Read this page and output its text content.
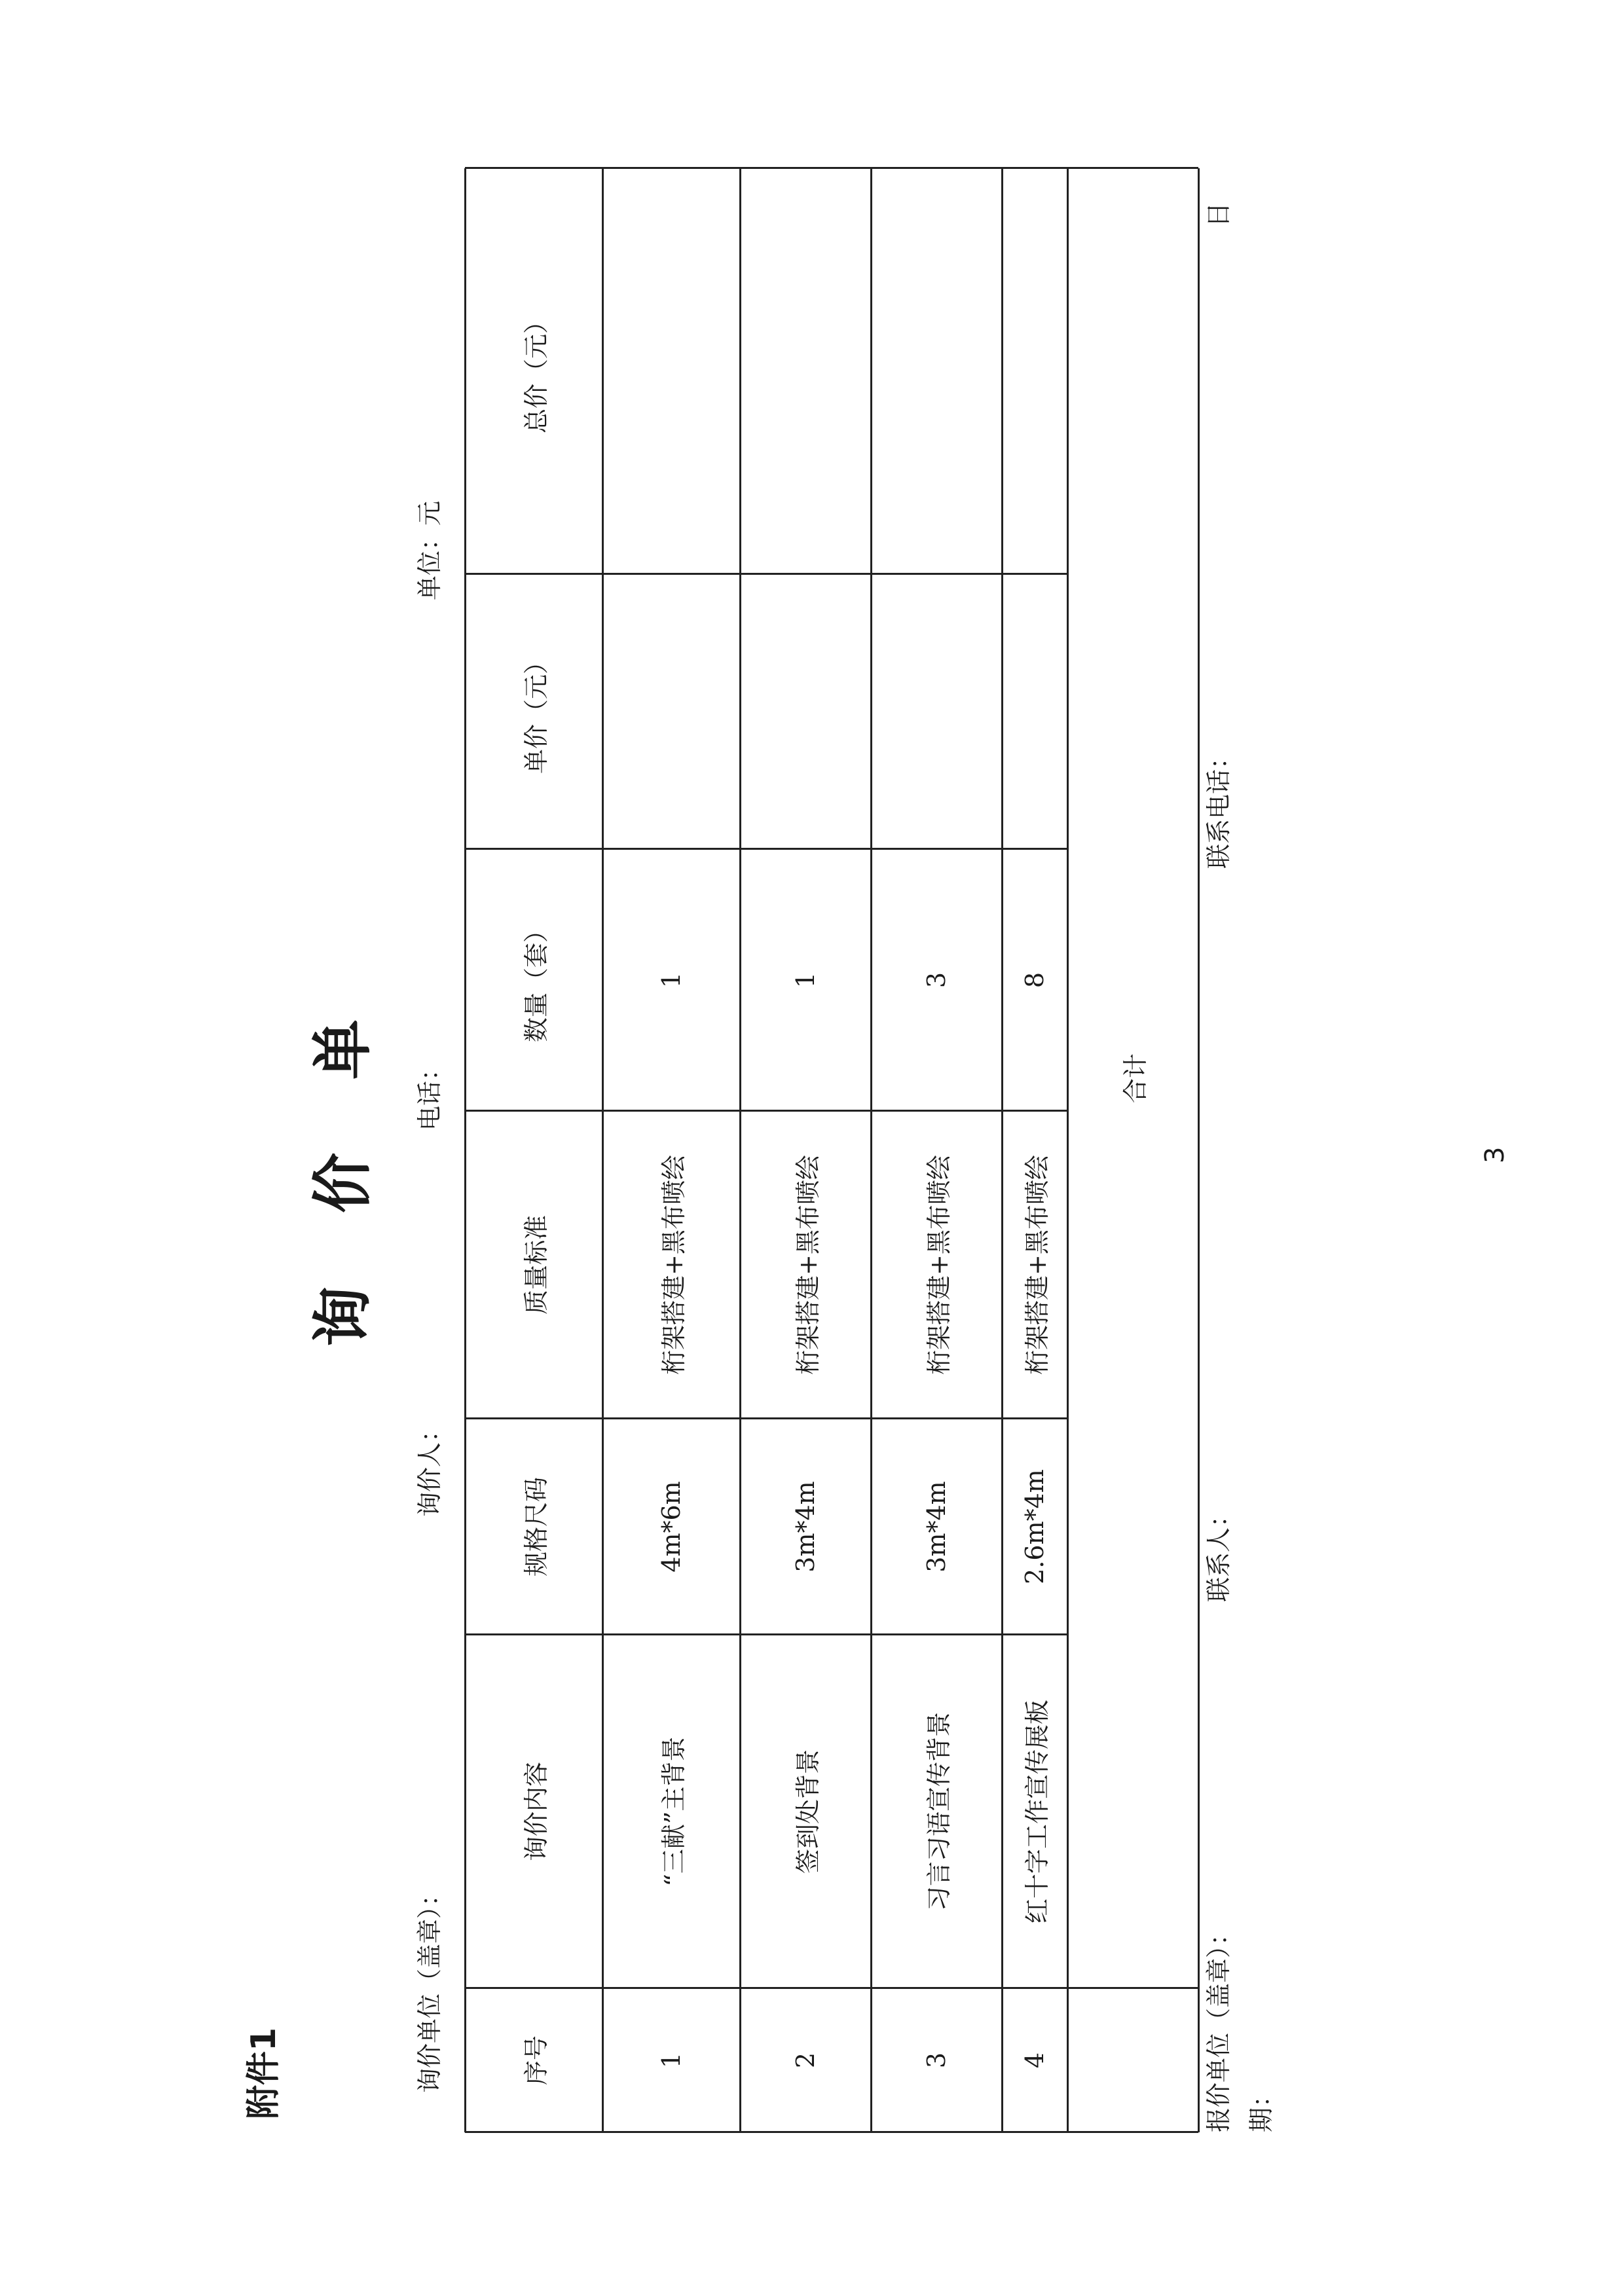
附件1
询 价 单
询价单位（盖章）：
询价人：
电话：
单位：元
序号
询价内容
规格尺码
质量标准
数量（套）
单价（元）
总价（元）
1
“三献”主背景
4m*6m
桁架搭建+黑布喷绘
1
2
签到处背景
3m*4m
桁架搭建+黑布喷绘
1
3
习言习语宣传背景
3m*4m
桁架搭建+黑布喷绘
3
4
红十字工作宣传展板
2.6m*4m
桁架搭建+黑布喷绘
8
合计
报价单位（盖章）：
联系人：
联系电话：
日
期：
3
